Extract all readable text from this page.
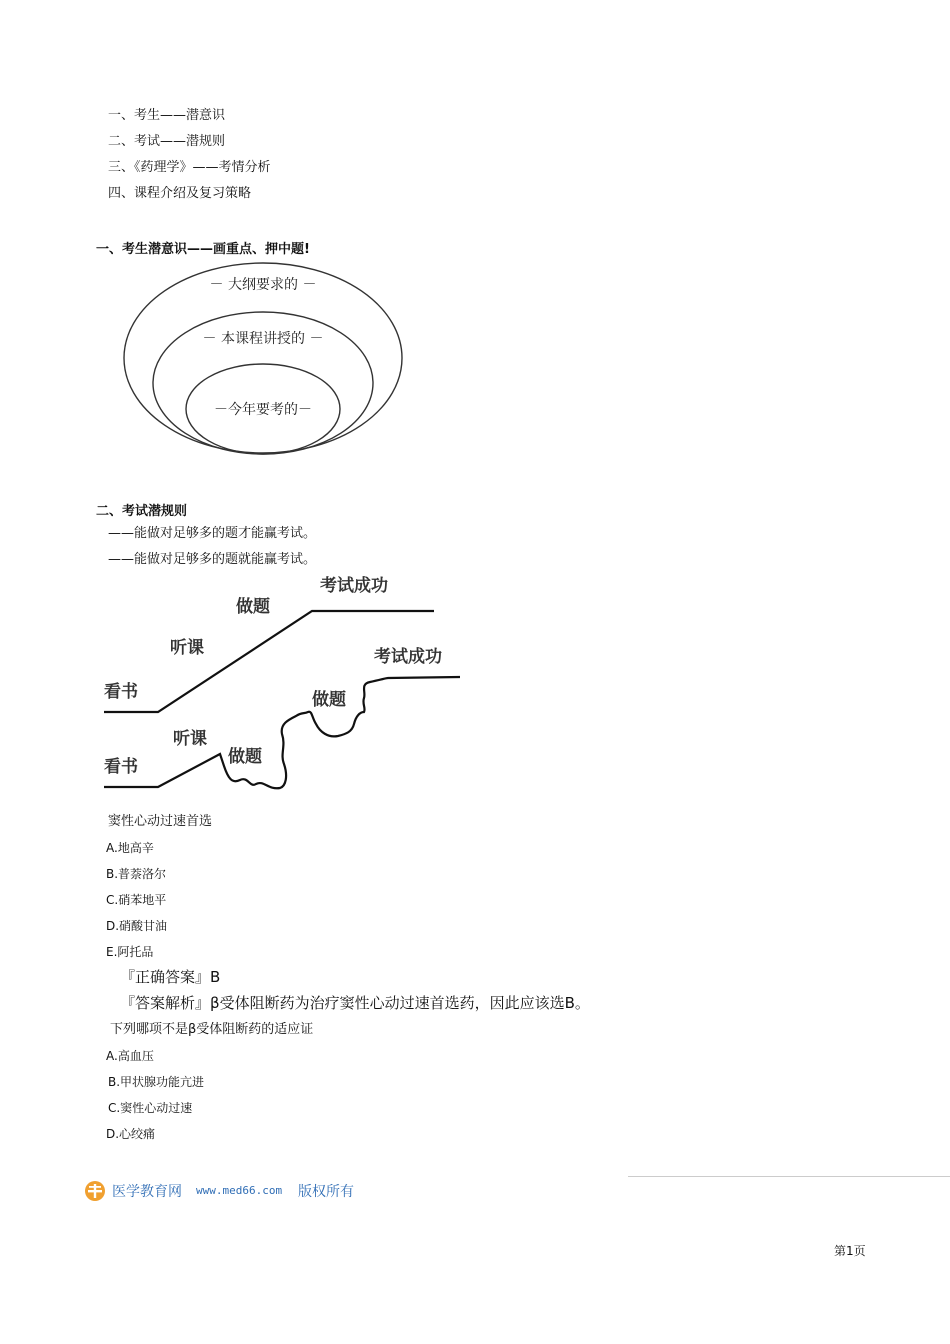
一、考生——潜意识
二、考试——潜规则
三、《药理学》——考情分析
四、课程介绍及复习策略
一、考生潜意识——画重点、押中题!
－ 大纲要求的 －
－ 本课程讲授的 －
－今年要考的－
二、考试潜规则
——能做对足够多的题才能赢考试。
——能做对足够多的题就能赢考试。
看书
听课
做题
考试成功
看书
听课
做题
做题
考试成功
窦性心动过速首选
A.地高辛
B.普萘洛尔
C.硝苯地平
D.硝酸甘油
E.阿托品
『正确答案』B
『答案解析』β受体阻断药为治疗窦性心动过速首选药，因此应该选B。
下列哪项不是β受体阻断药的适应证
A.高血压
B.甲状腺功能亢进
C.窦性心动过速
D.心绞痛
医学教育网 www.med66.com 版权所有
第1页
